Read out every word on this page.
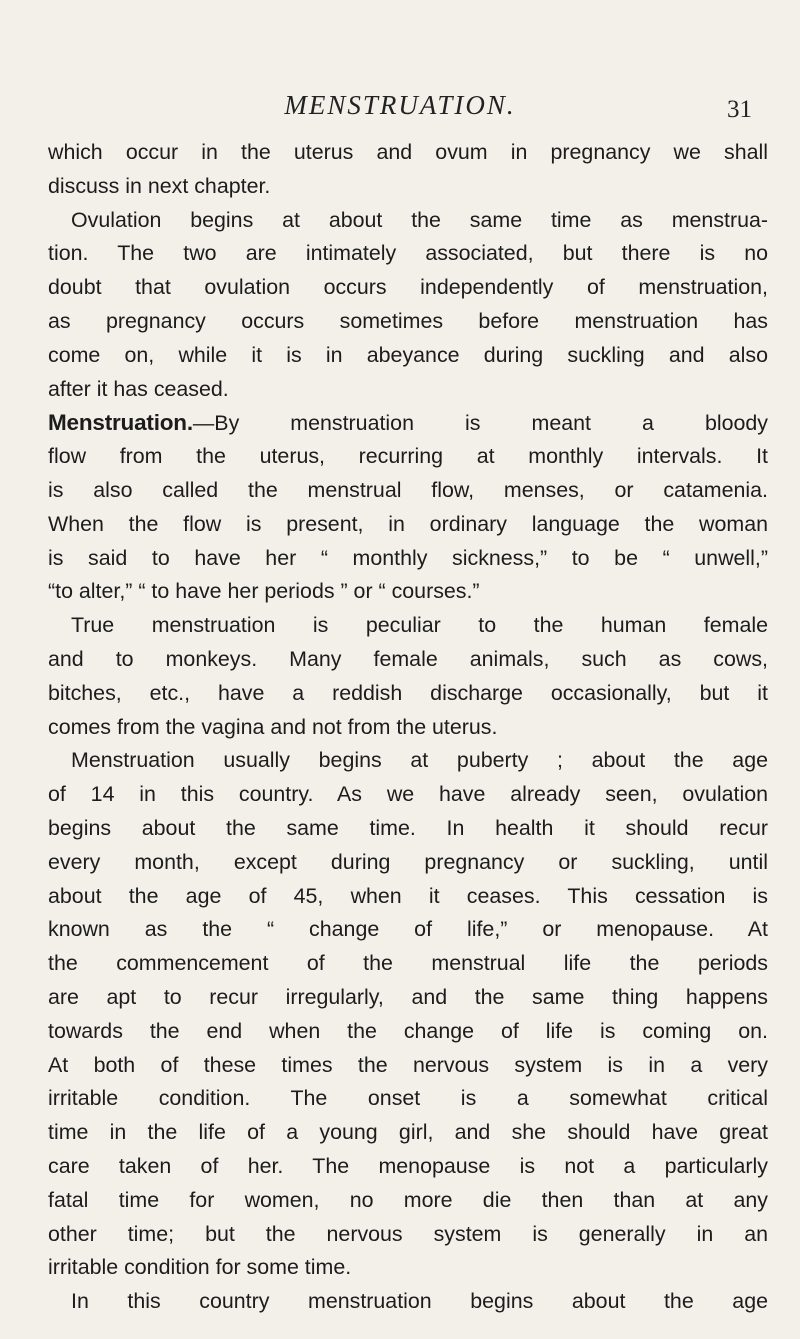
MENSTRUATION.	31
which occur in the uterus and ovum in pregnancy we shall
discuss in next chapter.
Ovulation begins at about the same time as menstrua-
tion. The two are intimately associated, but there is no
doubt that ovulation occurs independently of menstruation,
as pregnancy occurs sometimes before menstruation has
come on, while it is in abeyance during suckling and also
after it has ceased.
Menstruation.—By menstruation is meant a bloody
flow from the uterus, recurring at monthly intervals. It
is also called the menstrual flow, menses, or catamenia.
When the flow is present, in ordinary language the woman
is said to have her “ monthly sickness,” to be “ unwell,”
“to alter,” “ to have her periods ” or “ courses.”
True menstruation is peculiar to the human female
and to monkeys. Many female animals, such as cows,
bitches, etc., have a reddish discharge occasionally, but it
comes from the vagina and not from the uterus.
Menstruation usually begins at puberty ; about the age
of 14 in this country. As we have already seen, ovulation
begins about the same time. In health it should recur
every month, except during pregnancy or suckling, until
about the age of 45, when it ceases. This cessation is
known as the “ change of life,” or menopause. At
the commencement of the menstrual life the periods
are apt to recur irregularly, and the same thing happens
towards the end when the change of life is coming on.
At both of these times the nervous system is in a very
irritable condition. The onset is a somewhat critical
time in the life of a young girl, and she should have great
care taken of her. The menopause is not a particularly
fatal time for women, no more die then than at any
other time; but the nervous system is generally in an
irritable condition for some time.
In this country menstruation begins about the age
